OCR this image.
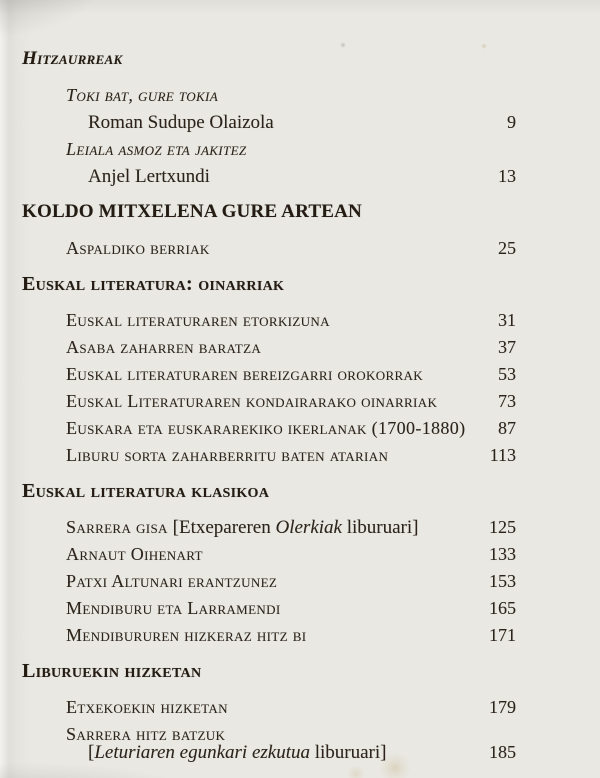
Hitzaurreak
Toki bat, gure tokia
Roman Sudupe Olaizola	9
Leiala asmoz eta jakitez
Anjel Lertxundi	13
KOLDO MITXELENA GURE ARTEAN
Aspaldiko berriak	25
Euskal literatura: oinarriak
Euskal literaturaren etorkizuna	31
Asaba zaharren baratza	37
Euskal literaturaren bereizgarri orokorrak	53
Euskal Literaturaren kondairarako oinarriak	73
Euskara eta euskararekiko ikerlanak (1700-1880)	87
Liburu sorta zaharberritu baten atarian	113
Euskal literatura klasikoa
Sarrera gisa [Etxepareren Olerkiak liburuari]	125
Arnaut Oihenart	133
Patxi Altunari erantzunez	153
Mendiburu eta Larramendi	165
Mendibururen hizkeraz hitz bi	171
Liburuekin hizketan
Etxekoekin hizketan	179
Sarrera hitz batzuk
[Leturiaren egunkari ezkutua liburuari]	185
